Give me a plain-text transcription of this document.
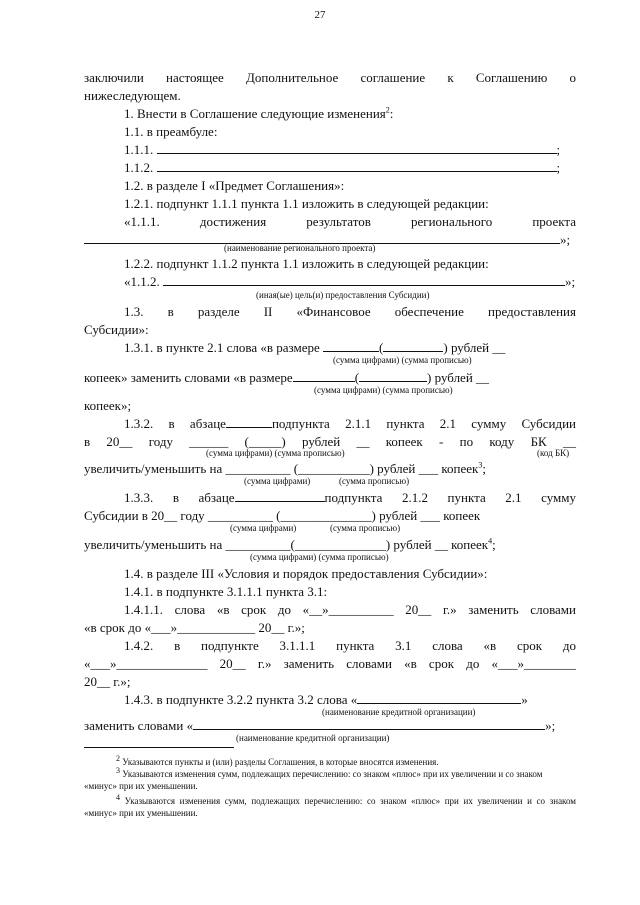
27
заключили настоящее Дополнительное соглашение к Соглашению о
нижеследующем.
1. Внести в Соглашение следующие изменения$^2$:
1.1. в преамбуле:
1.1.1.	;
1.1.2.	;
1.2. в разделе I «Предмет Соглашения»:
1.2.1. подпункт 1.1.1 пункта 1.1 изложить в следующей редакции:
«1.1.1. достижения результатов регионального проекта
»;
(наименование регионального проекта)
1.2.2. подпункт 1.1.2 пункта 1.1 изложить в следующей редакции:
«1.1.2.	»;
(иная(ые) цель(и) предоставления Субсидии)
1.3. в разделе II «Финансовое обеспечение предоставления
Субсидии»:
1.3.1. в пункте 2.1 слова «в размере	(	) рублей __
(сумма цифрами) (сумма прописью)
копеек» заменить словами «в размере	(	) рублей __
(сумма цифрами) (сумма прописью)
копеек»;
1.3.2. в абзаце	подпункта 2.1.1 пункта 2.1 сумму Субсидии
в 20__ году ______ (_____) рублей __ копеек - по коду БК __
(сумма цифрами) (сумма прописью)	(код БК)
увеличить/уменьшить на __________ (___________) рублей ___ копеек$^3$;
(сумма цифрами)	(сумма прописью)
1.3.3. в абзаце	подпункта 2.1.2 пункта 2.1 сумму
Субсидии в 20__ году __________ (______________) рублей ___ копеек
(сумма цифрами)	(сумма прописью)
увеличить/уменьшить на __________(______________) рублей __ копеек$^4$;
(сумма цифрами) (сумма прописью)
1.4. в разделе III «Условия и порядок предоставления Субсидии»:
1.4.1. в подпункте 3.1.1.1 пункта 3.1:
1.4.1.1. слова «в срок до «__»__________ 20__ г.» заменить словами
«в срок до «___»____________ 20__ г.»;
1.4.2. в подпункте 3.1.1.1 пункта 3.1 слова «в срок до
«___»______________ 20__ г.» заменить словами «в срок до «___»________
20__ г.»;
1.4.3. в подпункте 3.2.2 пункта 3.2 слова «	»
(наименование кредитной организации)
заменить словами «	»;
(наименование кредитной организации)
$^2$ Указываются пункты и (или) разделы Соглашения, в которые вносятся изменения.
$^3$ Указываются изменения сумм, подлежащих перечислению: со знаком «плюс» при их увеличении и со знаком «минус» при их уменьшении.
$^4$ Указываются изменения сумм, подлежащих перечислению: со знаком «плюс» при их увеличении и со знаком «минус» при их уменьшении.
